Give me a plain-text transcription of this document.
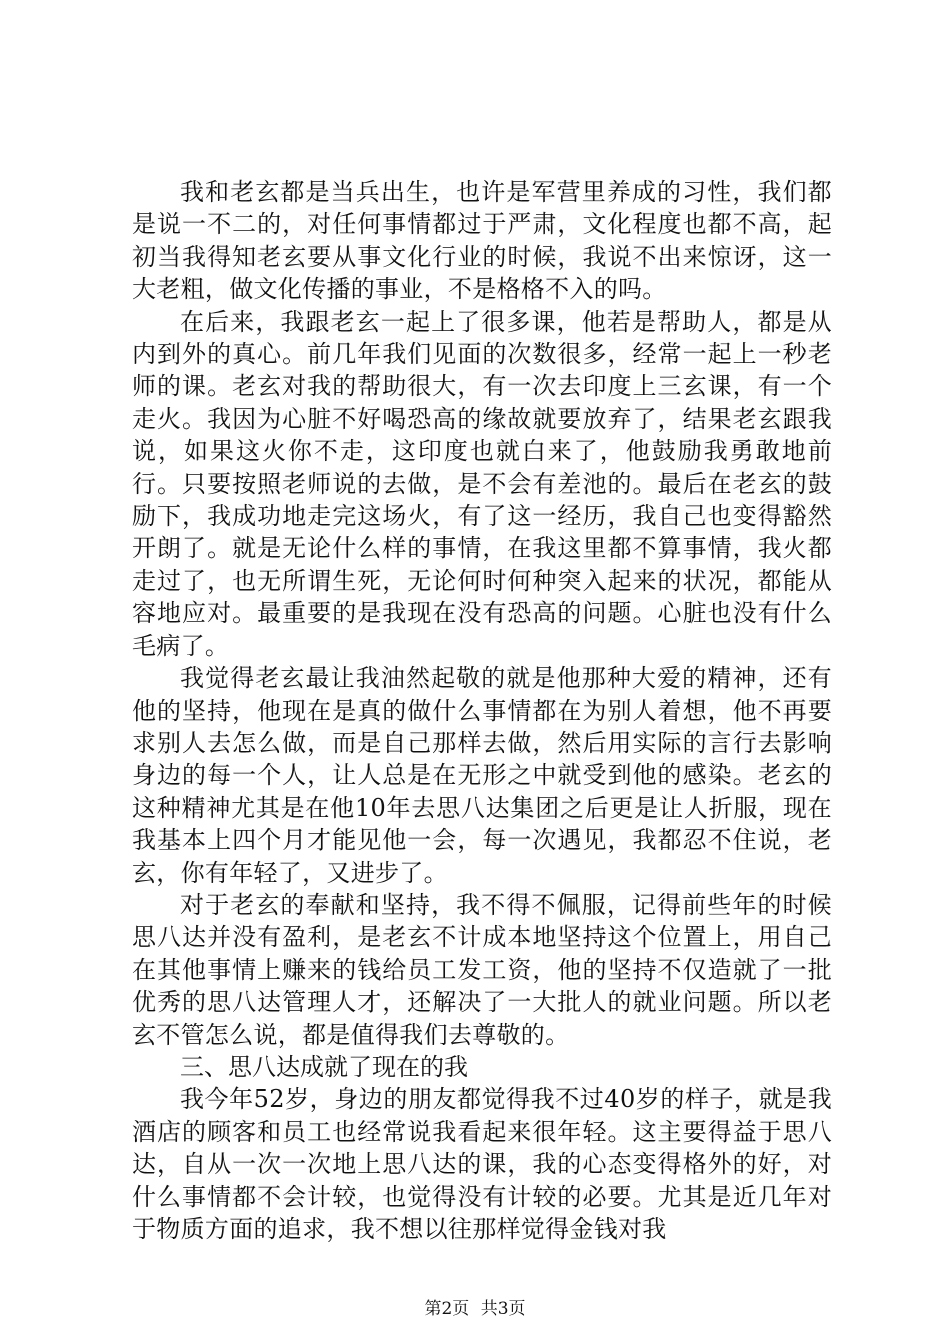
我和老玄都是当兵出生，也许是军营里养成的习性，我们都是说一不二的，对任何事情都过于严肃，文化程度也都不高，起初当我得知老玄要从事文化行业的时候，我说不出来惊讶，这一大老粗，做文化传播的事业，不是格格不入的吗。

在后来，我跟老玄一起上了很多课，他若是帮助人，都是从内到外的真心。前几年我们见面的次数很多，经常一起上一秒老师的课。老玄对我的帮助很大，有一次去印度上三玄课，有一个走火。我因为心脏不好喝恐高的缘故就要放弃了，结果老玄跟我说，如果这火你不走，这印度也就白来了，他鼓励我勇敢地前行。只要按照老师说的去做，是不会有差池的。最后在老玄的鼓励下，我成功地走完这场火，有了这一经历，我自己也变得豁然开朗了。就是无论什么样的事情，在我这里都不算事情，我火都走过了，也无所谓生死，无论何时何种突入起来的状况，都能从容地应对。最重要的是我现在没有恐高的问题。心脏也没有什么毛病了。

我觉得老玄最让我油然起敬的就是他那种大爱的精神，还有他的坚持，他现在是真的做什么事情都在为别人着想，他不再要求别人去怎么做，而是自己那样去做，然后用实际的言行去影响身边的每一个人，让人总是在无形之中就受到他的感染。老玄的这种精神尤其是在他10年去思八达集团之后更是让人折服，现在我基本上四个月才能见他一会，每一次遇见，我都忍不住说，老玄，你有年轻了，又进步了。

对于老玄的奉献和坚持，我不得不佩服，记得前些年的时候思八达并没有盈利，是老玄不计成本地坚持这个位置上，用自己在其他事情上赚来的钱给员工发工资，他的坚持不仅造就了一批优秀的思八达管理人才，还解决了一大批人的就业问题。所以老玄不管怎么说，都是值得我们去尊敬的。

三、思八达成就了现在的我

我今年52岁，身边的朋友都觉得我不过40岁的样子，就是我酒店的顾客和员工也经常说我看起来很年轻。这主要得益于思八达，自从一次一次地上思八达的课，我的心态变得格外的好，对什么事情都不会计较，也觉得没有计较的必要。尤其是近几年对于物质方面的追求，我不想以往那样觉得金钱对我

第2页 共3页
